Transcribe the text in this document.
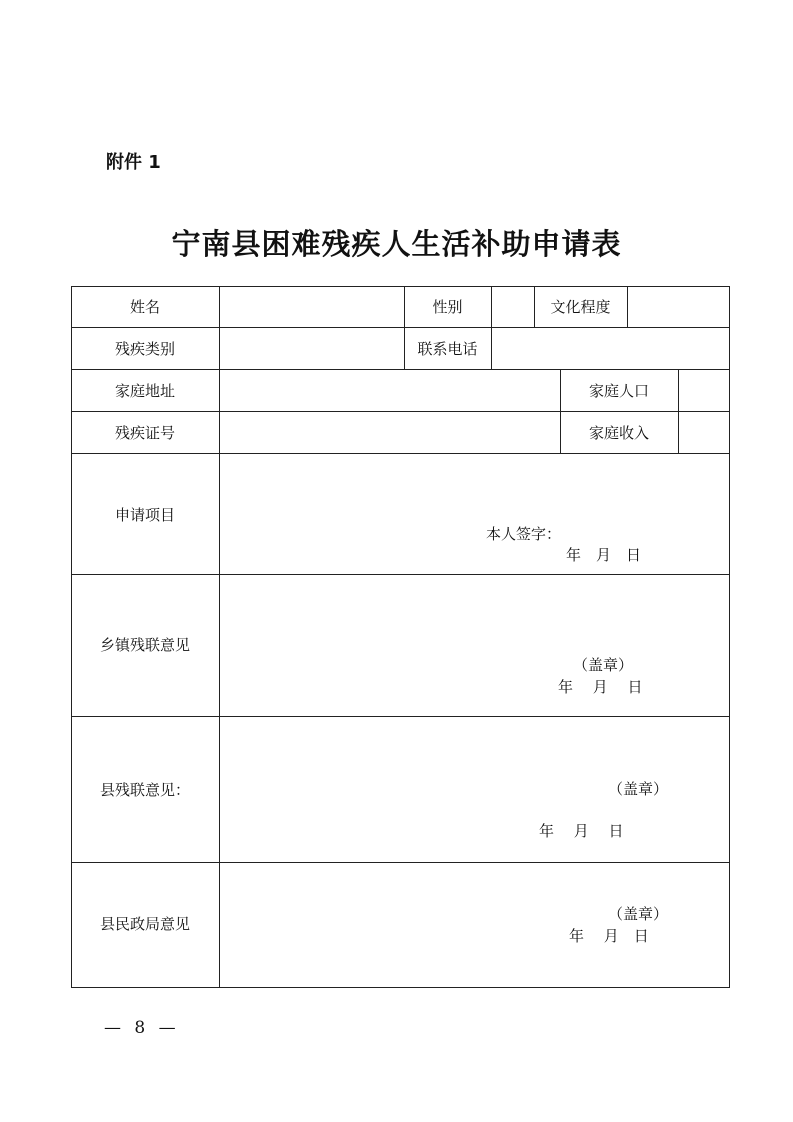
附件 1
宁南县困难残疾人生活补助申请表
姓名	性别	文化程度
残疾类别	联系电话
家庭地址	家庭人口
残疾证号	家庭收入
申请项目
本人签字：
年　月　日
乡镇残联意见
（盖章）
年　 月　 日
县残联意见：	（盖章）
年　 月　 日
县民政局意见
（盖章）
年　 月　日
— 8 —
